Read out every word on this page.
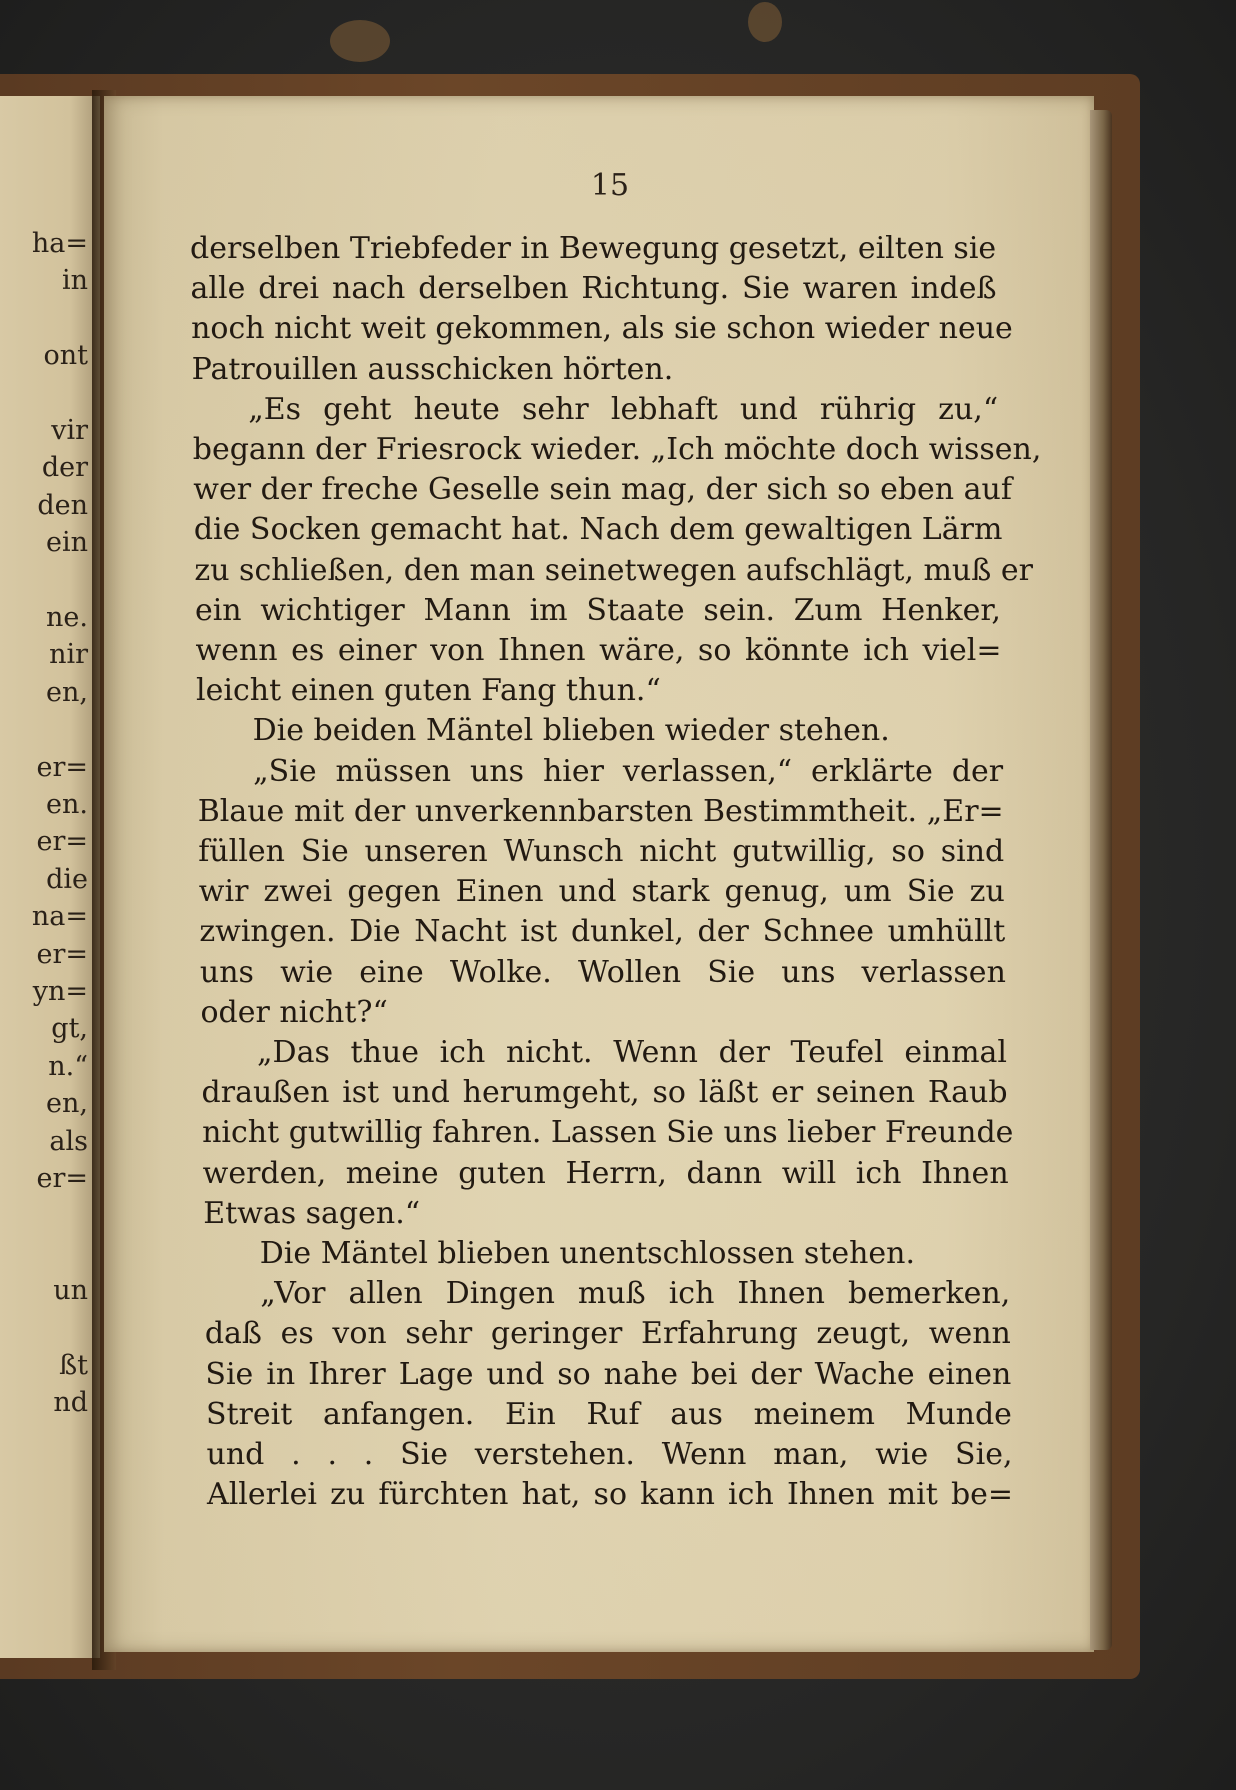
ha=
in
ont
vir
der
den
ein
ne.
nir
en,
er=
en.
er=
die
na=
er=
yn=
gt,
n.“
en,
als
er=
un
ßt
nd
15
derselben Triebfeder in Bewegung gesetzt, eilten sie
alle drei nach derselben Richtung. Sie waren indeß
noch nicht weit gekommen, als sie schon wieder neue
Patrouillen ausschicken hörten.
„Es geht heute sehr lebhaft und rührig zu,“
begann der Friesrock wieder. „Ich möchte doch wissen,
wer der freche Geselle sein mag, der sich so eben auf
die Socken gemacht hat. Nach dem gewaltigen Lärm
zu schließen, den man seinetwegen aufschlägt, muß er
ein wichtiger Mann im Staate sein. Zum Henker,
wenn es einer von Ihnen wäre, so könnte ich viel=
leicht einen guten Fang thun.“
Die beiden Mäntel blieben wieder stehen.
„Sie müssen uns hier verlassen,“ erklärte der
Blaue mit der unverkennbarsten Bestimmtheit. „Er=
füllen Sie unseren Wunsch nicht gutwillig, so sind
wir zwei gegen Einen und stark genug, um Sie zu
zwingen. Die Nacht ist dunkel, der Schnee umhüllt
uns wie eine Wolke. Wollen Sie uns verlassen
oder nicht?“
„Das thue ich nicht. Wenn der Teufel einmal
draußen ist und herumgeht, so läßt er seinen Raub
nicht gutwillig fahren. Lassen Sie uns lieber Freunde
werden, meine guten Herrn, dann will ich Ihnen
Etwas sagen.“
Die Mäntel blieben unentschlossen stehen.
„Vor allen Dingen muß ich Ihnen bemerken,
daß es von sehr geringer Erfahrung zeugt, wenn
Sie in Ihrer Lage und so nahe bei der Wache einen
Streit anfangen. Ein Ruf aus meinem Munde
und . . . Sie verstehen. Wenn man, wie Sie,
Allerlei zu fürchten hat, so kann ich Ihnen mit be=
